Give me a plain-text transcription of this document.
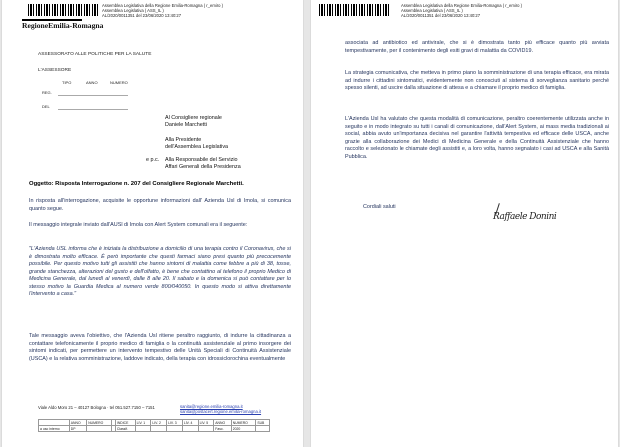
Assemblea Legislativa della Regione Emilia-Romagna ( r_emiro )
Assemblea Legislativa ( ASS_IL )
AL/2020/0011351 del 23/06/2020 13:40:27
RegioneEmilia-Romagna
ASSESSORATO ALLE POLITICHE PER LA SALUTE
L'ASSESSORE
TIPO	ANNO	NUMERO
REG.
DEL
Al Consigliere regionale
Daniele Marchetti
Alla Presidente
dell'Assemblea Legislativa
e p.c. Alla Responsabile del Servizio
Affari Generali della Presidenza
Oggetto: Risposta Interrogazione n. 207 del Consigliere Regionale Marchetti.
In risposta all'interrogazione, acquisite le opportune informazioni dall' Azienda Usl di Imola, si comunica quanto segue.
Il messaggio integrale inviato dall'AUSl di Imola con Alert System comunali era il seguente:
"L'Azienda USL informa che è iniziata la distribuzione a domicilio di una terapia contro il Coronavirus, che si è dimostrata molto efficace. È però importante che questi farmaci siano presi quanto più precocemente possibile. Per questo motivo tutti gli assistiti che hanno sintomi di malattia come febbre a più di 38, tosse, grande stanchezza, alterazioni del gusto e dell'olfatto, è bene che contattino al telefono il proprio Medico di Medicina Generale, dal lunedì al venerdì, dalle 8 alle 20. Il sabato e la domenica si può contattare per lo stesso motivo la Guardia Medica al numero verde 800/040050. In questo modo si attiva direttamente l'intervento a casa."
Tale messaggio aveva l'obiettivo, che l'Azienda Usl ritiene peraltro raggiunto, di indurre la cittadinanza a contattare telefonicamente il proprio medico di famiglia o la continuità assistenziale al primo insorgere dei sintomi indicati, per permettere un intervento tempestivo delle Unità Speciali di Continuità Assistenziale (USCA) e la relativa somministrazione, laddove indicato, della terapia con idrossiclorochina eventualmente
Viale Aldo Moro 21 – 40127 Bologna · tel 051.527.7150 – 7151	sanita@regione.emilia-romagna.it
sanita@postacert.regione.emilia-romagna.it
	ANNO	NUMERO		INDICE	LIV. 1	LIV. 2	LIV. 3	LIV. 4	LIV. 5	ANNO	NUMERO	SUB
a uso interno	DP			Classif.						Fasc.	2020	
Assemblea Legislativa della Regione Emilia-Romagna ( r_emiro )
Assemblea Legislativa ( ASS_IL )
AL/2020/0011351 del 23/06/2020 13:40:27
associata ad antibiotico ed antivirale, che si è dimostrata tanto più efficace quanto più avviata tempestivamente, per il contenimento degli esiti gravi di malattia da COVID19.
La strategia comunicativa, che metteva in primo piano la somministrazione di una terapia efficace, era mirata ad indurre i cittadini sintomatici, evidentemente non conosciuti al sistema di sorveglianza sanitario perché spesso silenti, ad uscire dalla situazione di attesa e a chiamare il proprio medico di famiglia.
L'Azienda Usl ha valutato che questa modalità di comunicazione, peraltro coerentemente utilizzata anche in seguito e in modo integrato su tutti i canali di comunicazione, dall'Alert System, ai mass media tradizionali ai social, abbia avuto un'importanza decisiva nel garantire l'attività tempestiva ed efficace delle USCA, anche grazie alla collaborazione dei Medici di Medicina Generale e della Continuità Assistenziale che hanno raccolto e selezionato le chiamate degli assistiti e, a loro volta, hanno segnalato i casi ad USCA e alla Sanità Pubblica.
Cordiali saluti
Raffaele Donini
